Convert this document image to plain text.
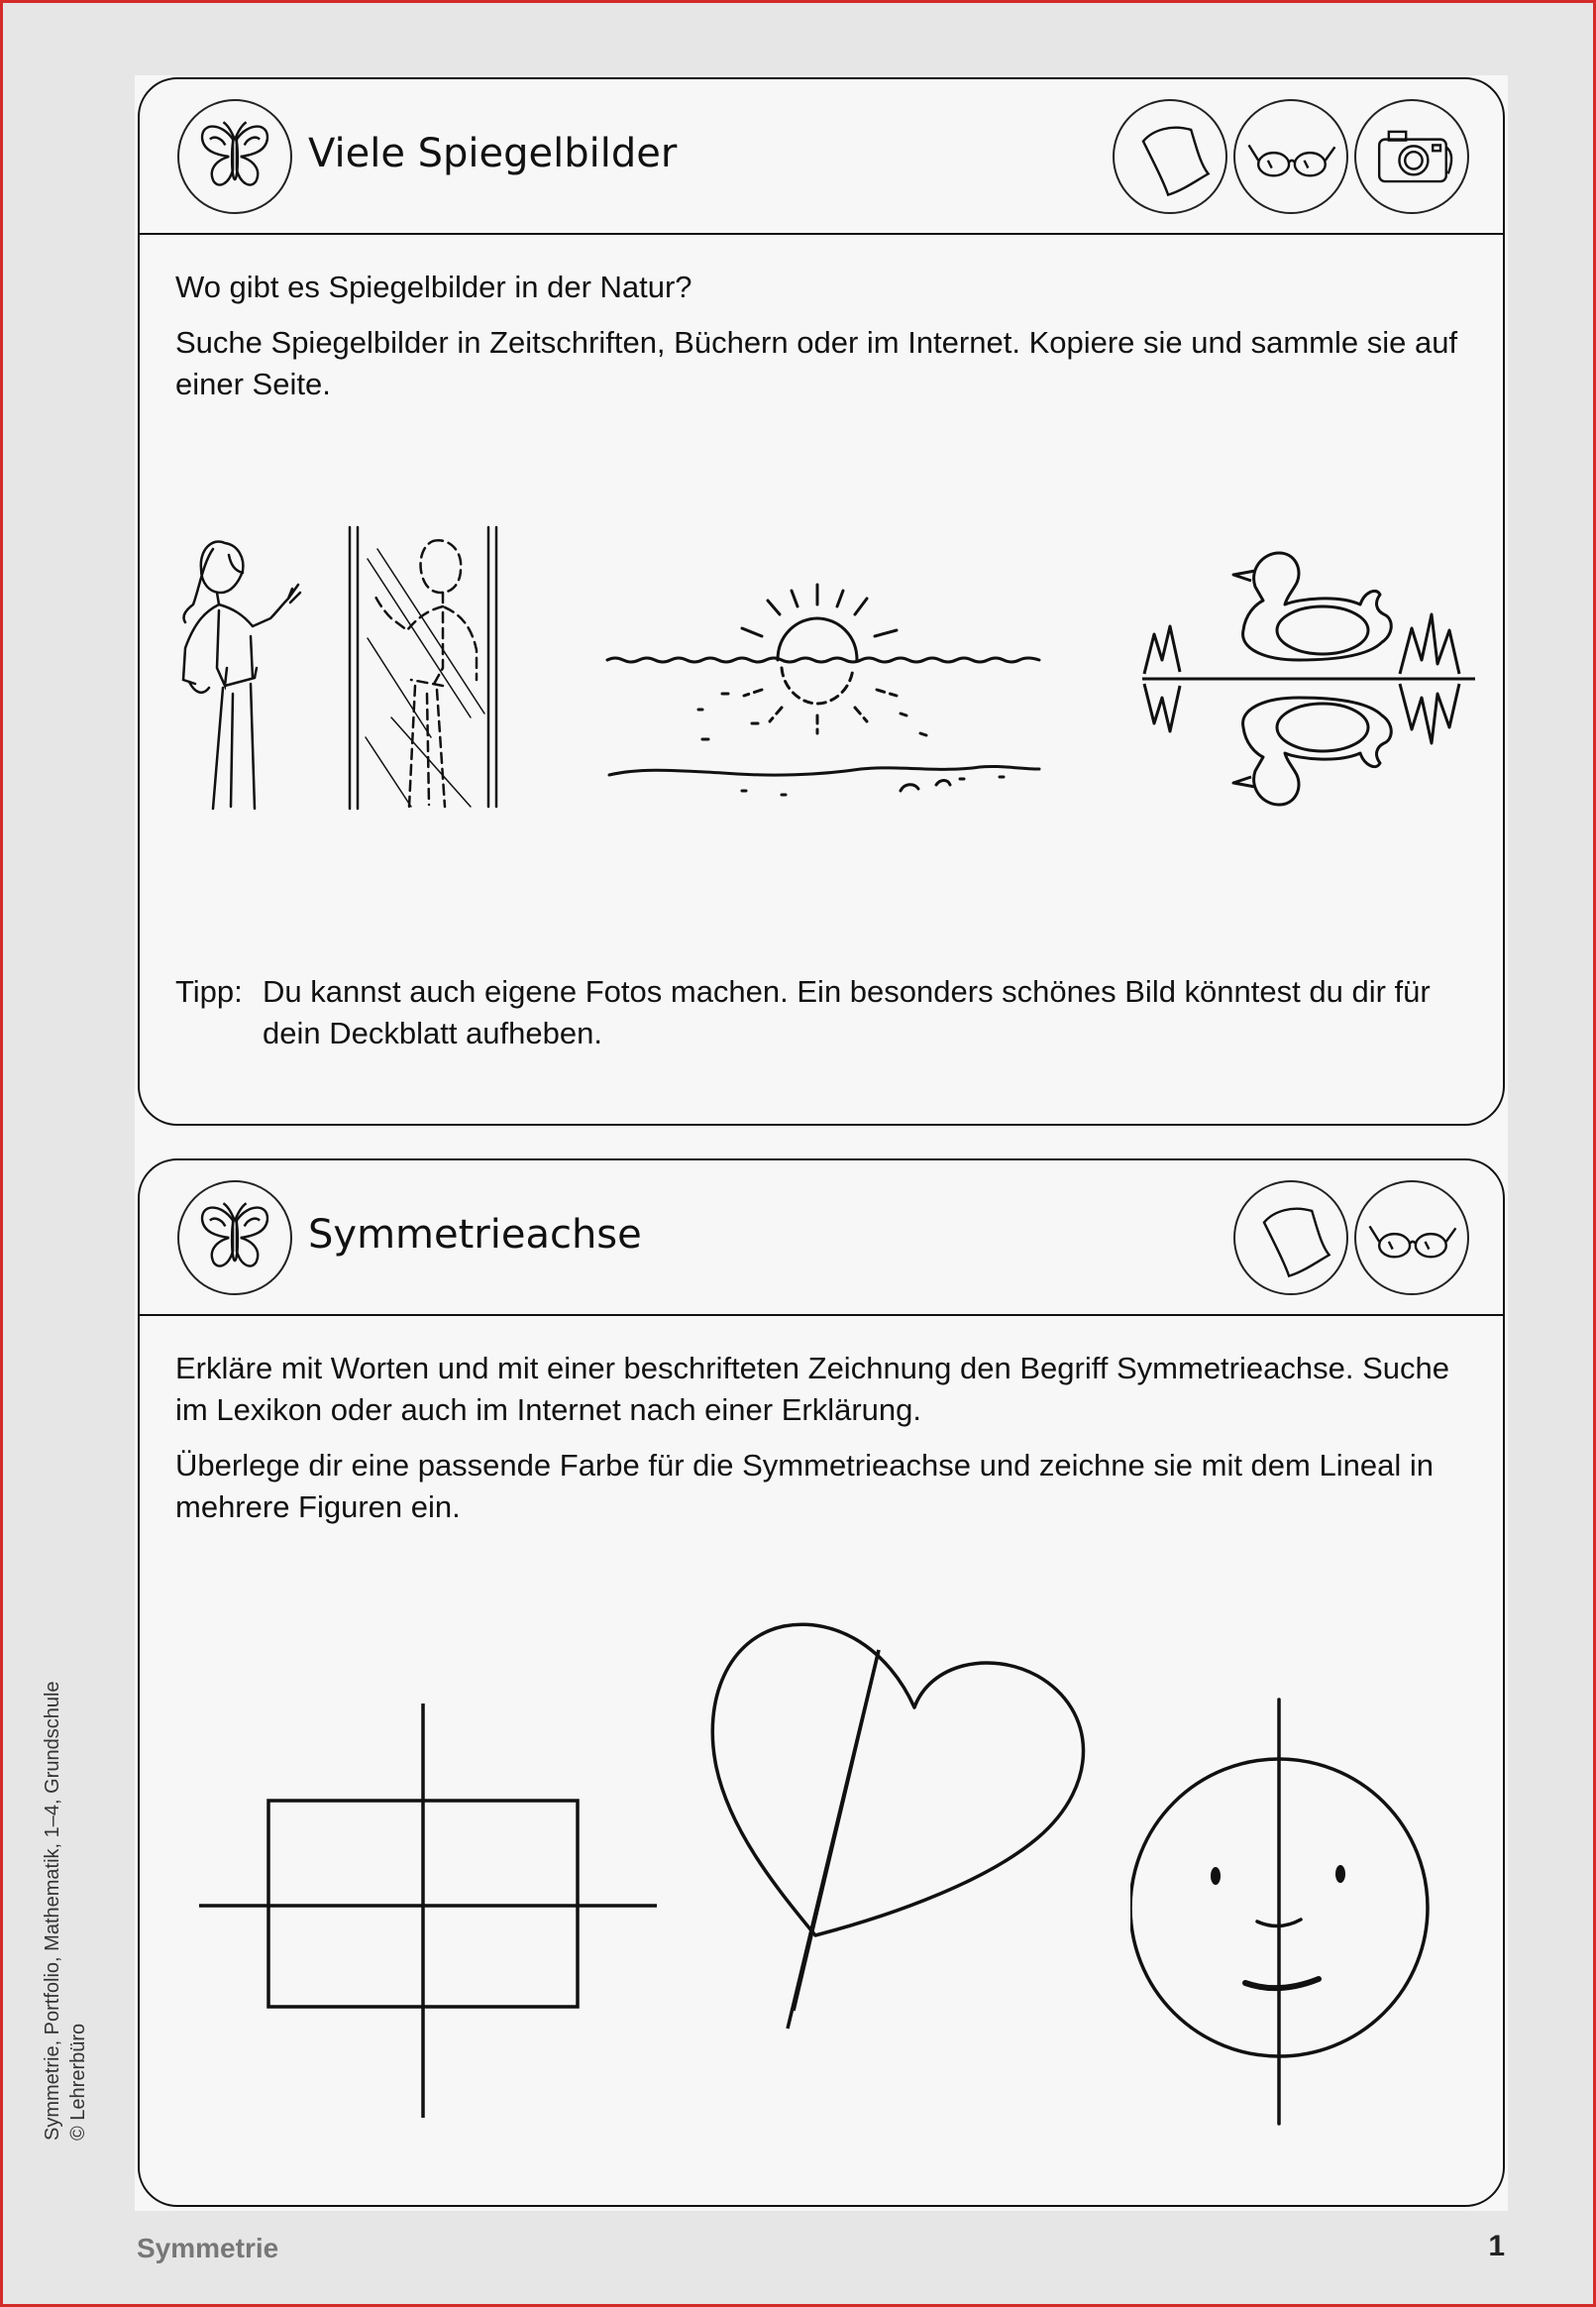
Viele Spiegelbilder
Wo gibt es Spiegelbilder in der Natur?
Suche Spiegelbilder in Zeitschriften, Büchern oder im Internet. Kopiere sie und sammle sie auf einer Seite.
Tipp: Du kannst auch eigene Fotos machen. Ein besonders schönes Bild könntest du dir für dein Deckblatt aufheben.
Symmetrieachse
Erkläre mit Worten und mit einer beschrifteten Zeichnung den Begriff Symmetrieachse. Suche im Lexikon oder auch im Internet nach einer Erklärung.
Überlege dir eine passende Farbe für die Symmetrieachse und zeichne sie mit dem Lineal in mehrere Figuren ein.
Symmetrie	1
Symmetrie, Portfolio, Mathematik, 1–4, Grundschule © Lehrerbüro
